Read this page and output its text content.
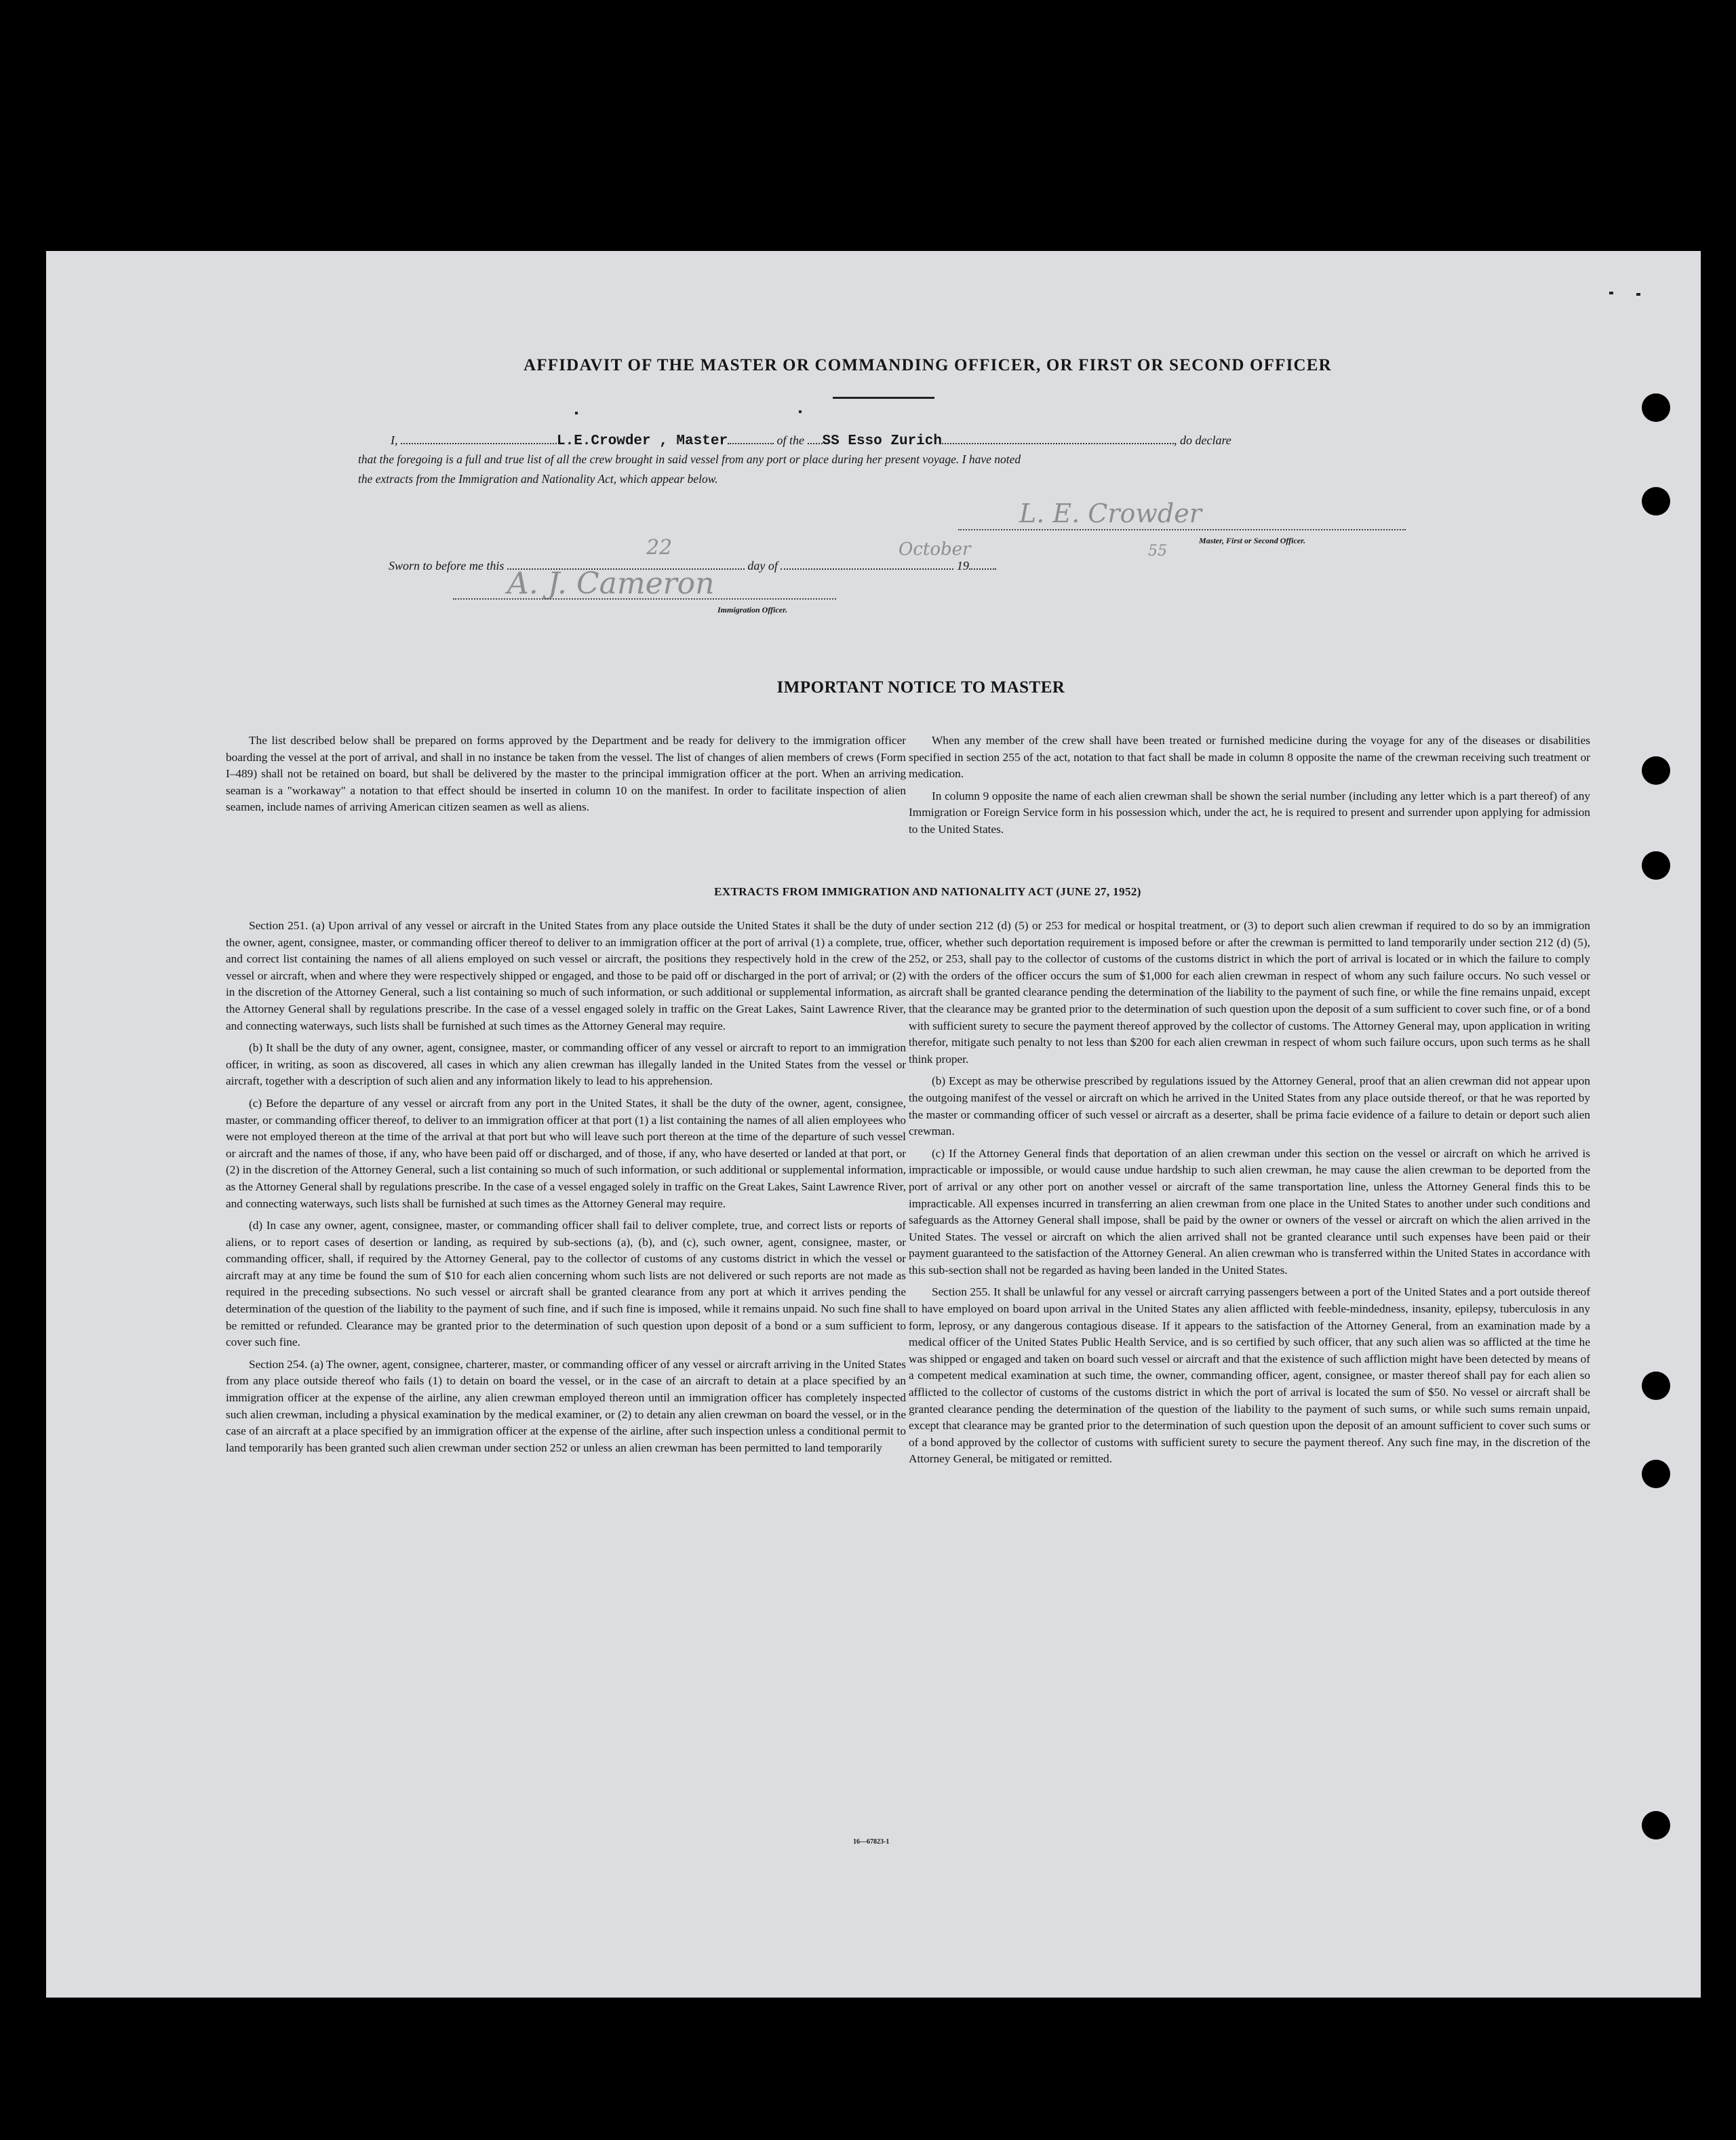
AFFIDAVIT OF THE MASTER OR COMMANDING OFFICER, OR FIRST OR SECOND OFFICER
I,	L.E.Crowder , Master	of the SS Esso Zurich	, do declare
that the foregoing is a full and true list of all the crew brought in said vessel from any port or place during her present voyage. I have noted
the extracts from the Immigration and Nationality Act, which appear below.
L. E. Crowder
Master, First or Second Officer.
Sworn to before me this	day of	19
22	October	55
A. J. Cameron
Immigration Officer.
IMPORTANT NOTICE TO MASTER

The list described below shall be prepared on forms approved by the Department and be ready for delivery to the immigration officer boarding the vessel at the port of arrival, and shall in no instance be taken from the vessel. The list of changes of alien members of crews (Form I–489) shall not be retained on board, but shall be delivered by the master to the principal immigration officer at the port. When an arriving seaman is a "workaway" a notation to that effect should be inserted in column 10 on the manifest. In order to facilitate inspection of alien seamen, include names of arriving American citizen seamen as well as aliens.

When any member of the crew shall have been treated or furnished medicine during the voyage for any of the diseases or disabilities specified in section 255 of the act, notation to that fact shall be made in column 8 opposite the name of the crewman receiving such treatment or medication.

In column 9 opposite the name of each alien crewman shall be shown the serial number (including any letter which is a part thereof) of any Immigration or Foreign Service form in his possession which, under the act, he is required to present and surrender upon applying for admission to the United States.

EXTRACTS FROM IMMIGRATION AND NATIONALITY ACT (JUNE 27, 1952)

Section 251. (a) Upon arrival of any vessel or aircraft in the United States from any place outside the United States it shall be the duty of the owner, agent, consignee, master, or commanding officer thereof to deliver to an immigration officer at the port of arrival (1) a complete, true, and correct list containing the names of all aliens employed on such vessel or aircraft, the positions they respectively hold in the crew of the vessel or aircraft, when and where they were respectively shipped or engaged, and those to be paid off or discharged in the port of arrival; or (2) in the discretion of the Attorney General, such a list containing so much of such information, or such additional or supplemental information, as the Attorney General shall by regulations prescribe. In the case of a vessel engaged solely in traffic on the Great Lakes, Saint Lawrence River, and connecting waterways, such lists shall be furnished at such times as the Attorney General may require.

(b) It shall be the duty of any owner, agent, consignee, master, or commanding officer of any vessel or aircraft to report to an immigration officer, in writing, as soon as discovered, all cases in which any alien crewman has illegally landed in the United States from the vessel or aircraft, together with a description of such alien and any information likely to lead to his apprehension.

(c) Before the departure of any vessel or aircraft from any port in the United States, it shall be the duty of the owner, agent, consignee, master, or commanding officer thereof, to deliver to an immigration officer at that port (1) a list containing the names of all alien employees who were not employed thereon at the time of the arrival at that port but who will leave such port thereon at the time of the departure of such vessel or aircraft and the names of those, if any, who have been paid off or discharged, and of those, if any, who have deserted or landed at that port, or (2) in the discretion of the Attorney General, such a list containing so much of such information, or such additional or supplemental information, as the Attorney General shall by regulations prescribe. In the case of a vessel engaged solely in traffic on the Great Lakes, Saint Lawrence River, and connecting waterways, such lists shall be furnished at such times as the Attorney General may require.

(d) In case any owner, agent, consignee, master, or commanding officer shall fail to deliver complete, true, and correct lists or reports of aliens, or to report cases of desertion or landing, as required by sub-sections (a), (b), and (c), such owner, agent, consignee, master, or commanding officer, shall, if required by the Attorney General, pay to the collector of customs of any customs district in which the vessel or aircraft may at any time be found the sum of $10 for each alien concerning whom such lists are not delivered or such reports are not made as required in the preceding subsections. No such vessel or aircraft shall be granted clearance from any port at which it arrives pending the determination of the question of the liability to the payment of such fine, and if such fine is imposed, while it remains unpaid. No such fine shall be remitted or refunded. Clearance may be granted prior to the determination of such question upon deposit of a bond or a sum sufficient to cover such fine.

Section 254. (a) The owner, agent, consignee, charterer, master, or commanding officer of any vessel or aircraft arriving in the United States from any place outside thereof who fails (1) to detain on board the vessel, or in the case of an aircraft to detain at a place specified by an immigration officer at the expense of the airline, any alien crewman employed thereon until an immigration officer has completely inspected such alien crewman, including a physical examination by the medical examiner, or (2) to detain any alien crewman on board the vessel, or in the case of an aircraft at a place specified by an immigration officer at the expense of the airline, after such inspection unless a conditional permit to land temporarily has been granted such alien crewman under section 252 or unless an alien crewman has been permitted to land temporarily

under section 212 (d) (5) or 253 for medical or hospital treatment, or (3) to deport such alien crewman if required to do so by an immigration officer, whether such deportation requirement is imposed before or after the crewman is permitted to land temporarily under section 212 (d) (5), 252, or 253, shall pay to the collector of customs of the customs district in which the port of arrival is located or in which the failure to comply with the orders of the officer occurs the sum of $1,000 for each alien crewman in respect of whom any such failure occurs. No such vessel or aircraft shall be granted clearance pending the determination of the liability to the payment of such fine, or while the fine remains unpaid, except that the clearance may be granted prior to the determination of such question upon the deposit of a sum sufficient to cover such fine, or of a bond with sufficient surety to secure the payment thereof approved by the collector of customs. The Attorney General may, upon application in writing therefor, mitigate such penalty to not less than $200 for each alien crewman in respect of whom such failure occurs, upon such terms as he shall think proper.

(b) Except as may be otherwise prescribed by regulations issued by the Attorney General, proof that an alien crewman did not appear upon the outgoing manifest of the vessel or aircraft on which he arrived in the United States from any place outside thereof, or that he was reported by the master or commanding officer of such vessel or aircraft as a deserter, shall be prima facie evidence of a failure to detain or deport such alien crewman.

(c) If the Attorney General finds that deportation of an alien crewman under this section on the vessel or aircraft on which he arrived is impracticable or impossible, or would cause undue hardship to such alien crewman, he may cause the alien crewman to be deported from the port of arrival or any other port on another vessel or aircraft of the same transportation line, unless the Attorney General finds this to be impracticable. All expenses incurred in transferring an alien crewman from one place in the United States to another under such conditions and safeguards as the Attorney General shall impose, shall be paid by the owner or owners of the vessel or aircraft on which the alien arrived in the United States. The vessel or aircraft on which the alien arrived shall not be granted clearance until such expenses have been paid or their payment guaranteed to the satisfaction of the Attorney General. An alien crewman who is transferred within the United States in accordance with this sub-section shall not be regarded as having been landed in the United States.

Section 255. It shall be unlawful for any vessel or aircraft carrying passengers between a port of the United States and a port outside thereof to have employed on board upon arrival in the United States any alien afflicted with feeble-mindedness, insanity, epilepsy, tuberculosis in any form, leprosy, or any dangerous contagious disease. If it appears to the satisfaction of the Attorney General, from an examination made by a medical officer of the United States Public Health Service, and is so certified by such officer, that any such alien was so afflicted at the time he was shipped or engaged and taken on board such vessel or aircraft and that the existence of such affliction might have been detected by means of a competent medical examination at such time, the owner, commanding officer, agent, consignee, or master thereof shall pay for each alien so afflicted to the collector of customs of the customs district in which the port of arrival is located the sum of $50. No vessel or aircraft shall be granted clearance pending the determination of the question of the liability to the payment of such sums, or while such sums remain unpaid, except that clearance may be granted prior to the determination of such question upon the deposit of an amount sufficient to cover such sums or of a bond approved by the collector of customs with sufficient surety to secure the payment thereof. Any such fine may, in the discretion of the Attorney General, be mitigated or remitted.

16—67823-1
